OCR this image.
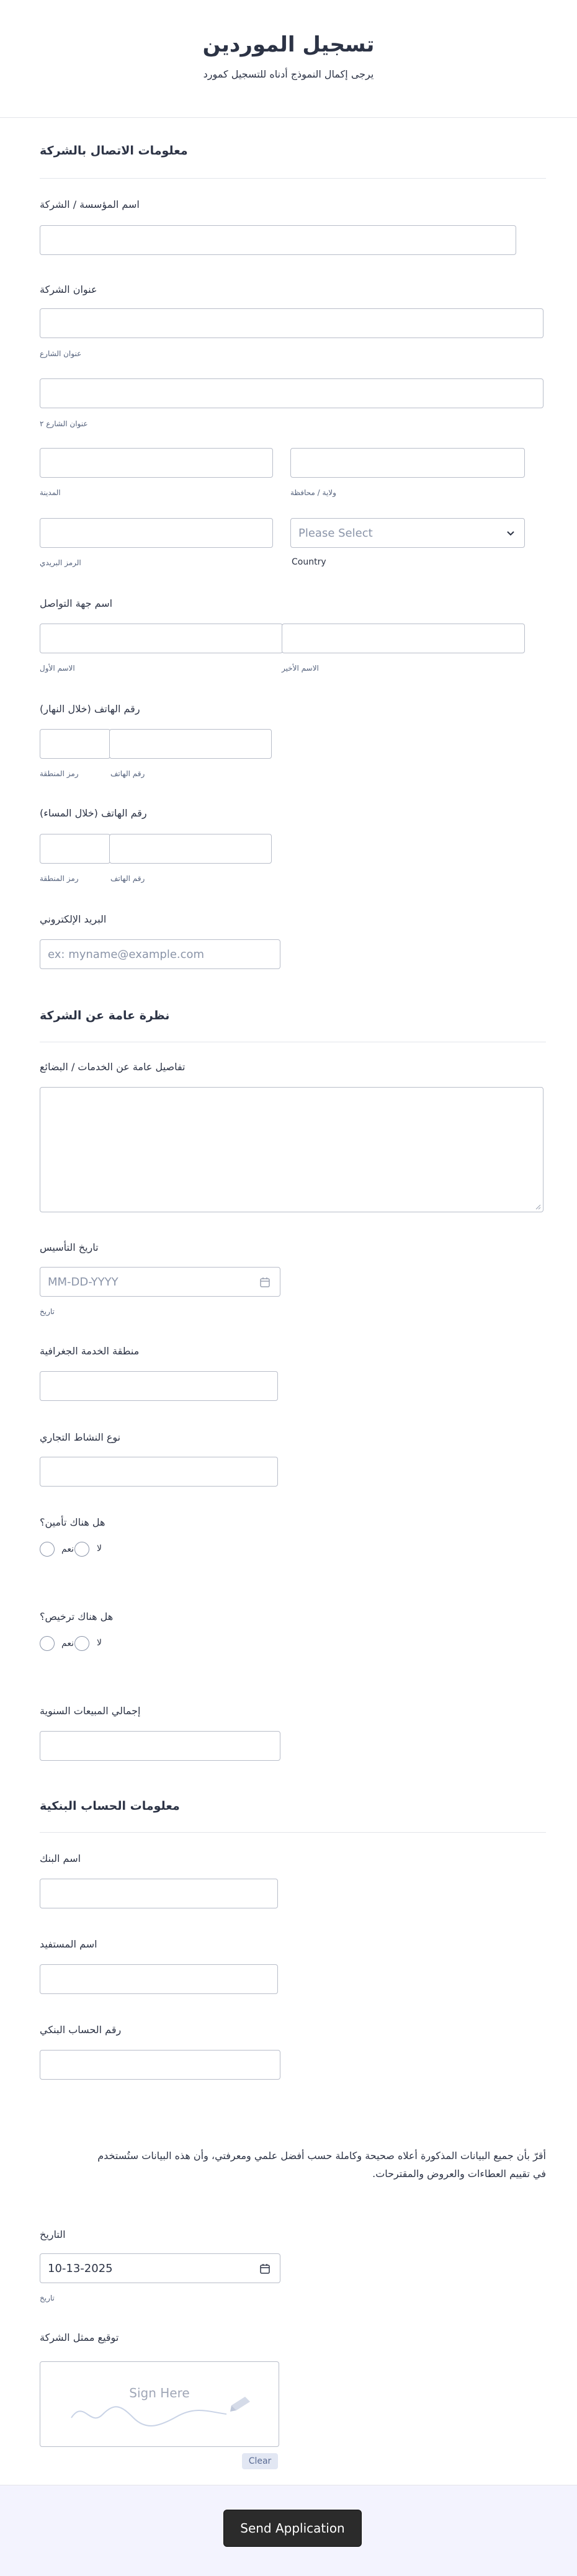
تسجيل الموردين
يرجى إكمال النموذج أدناه للتسجيل كمورد
معلومات الاتصال بالشركة
اسم المؤسسة / الشركة
عنوان الشركة
عنوان الشارع
عنوان الشارع ٢
المدينة	ولاية / محافظة
الرمز البريدي
Please Select
Country
اسم جهة التواصل
الاسم الأول	الاسم الأخير
رقم الهاتف (خلال النهار)
رمز المنطقة	رقم الهاتف
رقم الهاتف (خلال المساء)
رمز المنطقة	رقم الهاتف
البريد الإلكتروني
ex: myname@example.com
نظرة عامة عن الشركة
تفاصيل عامة عن الخدمات / البضائع
تاريخ التأسيس
MM-DD-YYYY
تاريخ
منطقة الخدمة الجغرافية
نوع النشاط التجاري
هل هناك تأمين؟
نعم	لا
هل هناك ترخيص؟
نعم	لا
إجمالي المبيعات السنوية
معلومات الحساب البنكية
اسم البنك
اسم المستفيد
رقم الحساب البنكي
أقرّ بأن جميع البيانات المذكورة أعلاه صحيحة وكاملة حسب أفضل علمي ومعرفتي، وأن هذه البيانات ستُستخدم في تقييم العطاءات والعروض والمقترحات.
التاريخ
10-13-2025
تاريخ
توقيع ممثل الشركة
Sign Here
Clear
Send Application
